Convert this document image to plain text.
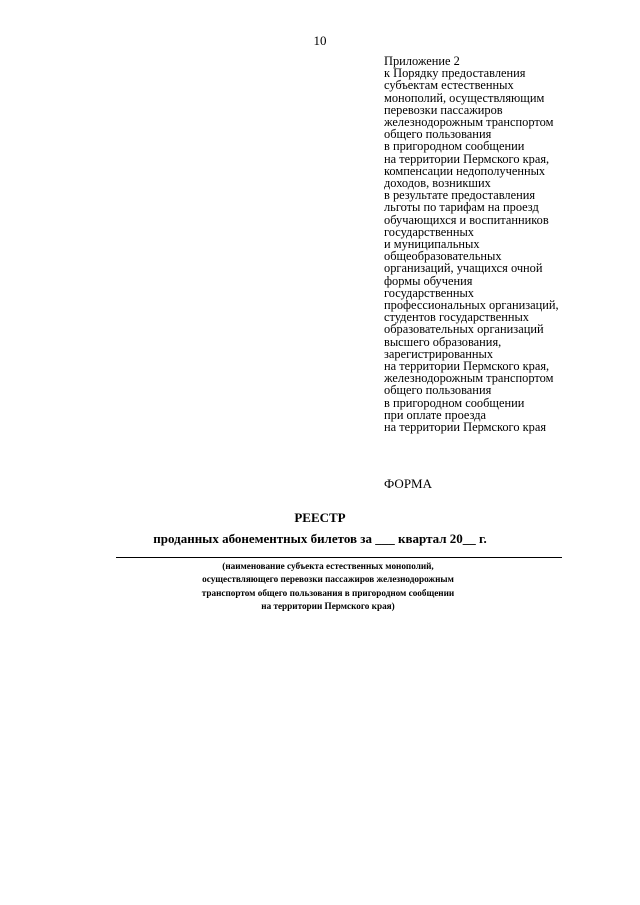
10
Приложение 2
к Порядку предоставления
субъектам естественных
монополий, осуществляющим
перевозки пассажиров
железнодорожным транспортом
общего пользования
в пригородном сообщении
на территории Пермского края,
компенсации недополученных
доходов, возникших
в результате предоставления
льготы по тарифам на проезд
обучающихся и воспитанников
государственных
и муниципальных
общеобразовательных
организаций, учащихся очной
формы обучения
государственных
профессиональных организаций,
студентов государственных
образовательных организаций
высшего образования,
зарегистрированных
на территории Пермского края,
железнодорожным транспортом
общего пользования
в пригородном сообщении
при оплате проезда
на территории Пермского края
ФОРМА
РЕЕСТР
проданных абонементных билетов за ___ квартал 20__ г.
(наименование субъекта естественных монополий,
осуществляющего перевозки пассажиров железнодорожным
транспортом общего пользования в пригородном сообщении
на территории Пермского края)
